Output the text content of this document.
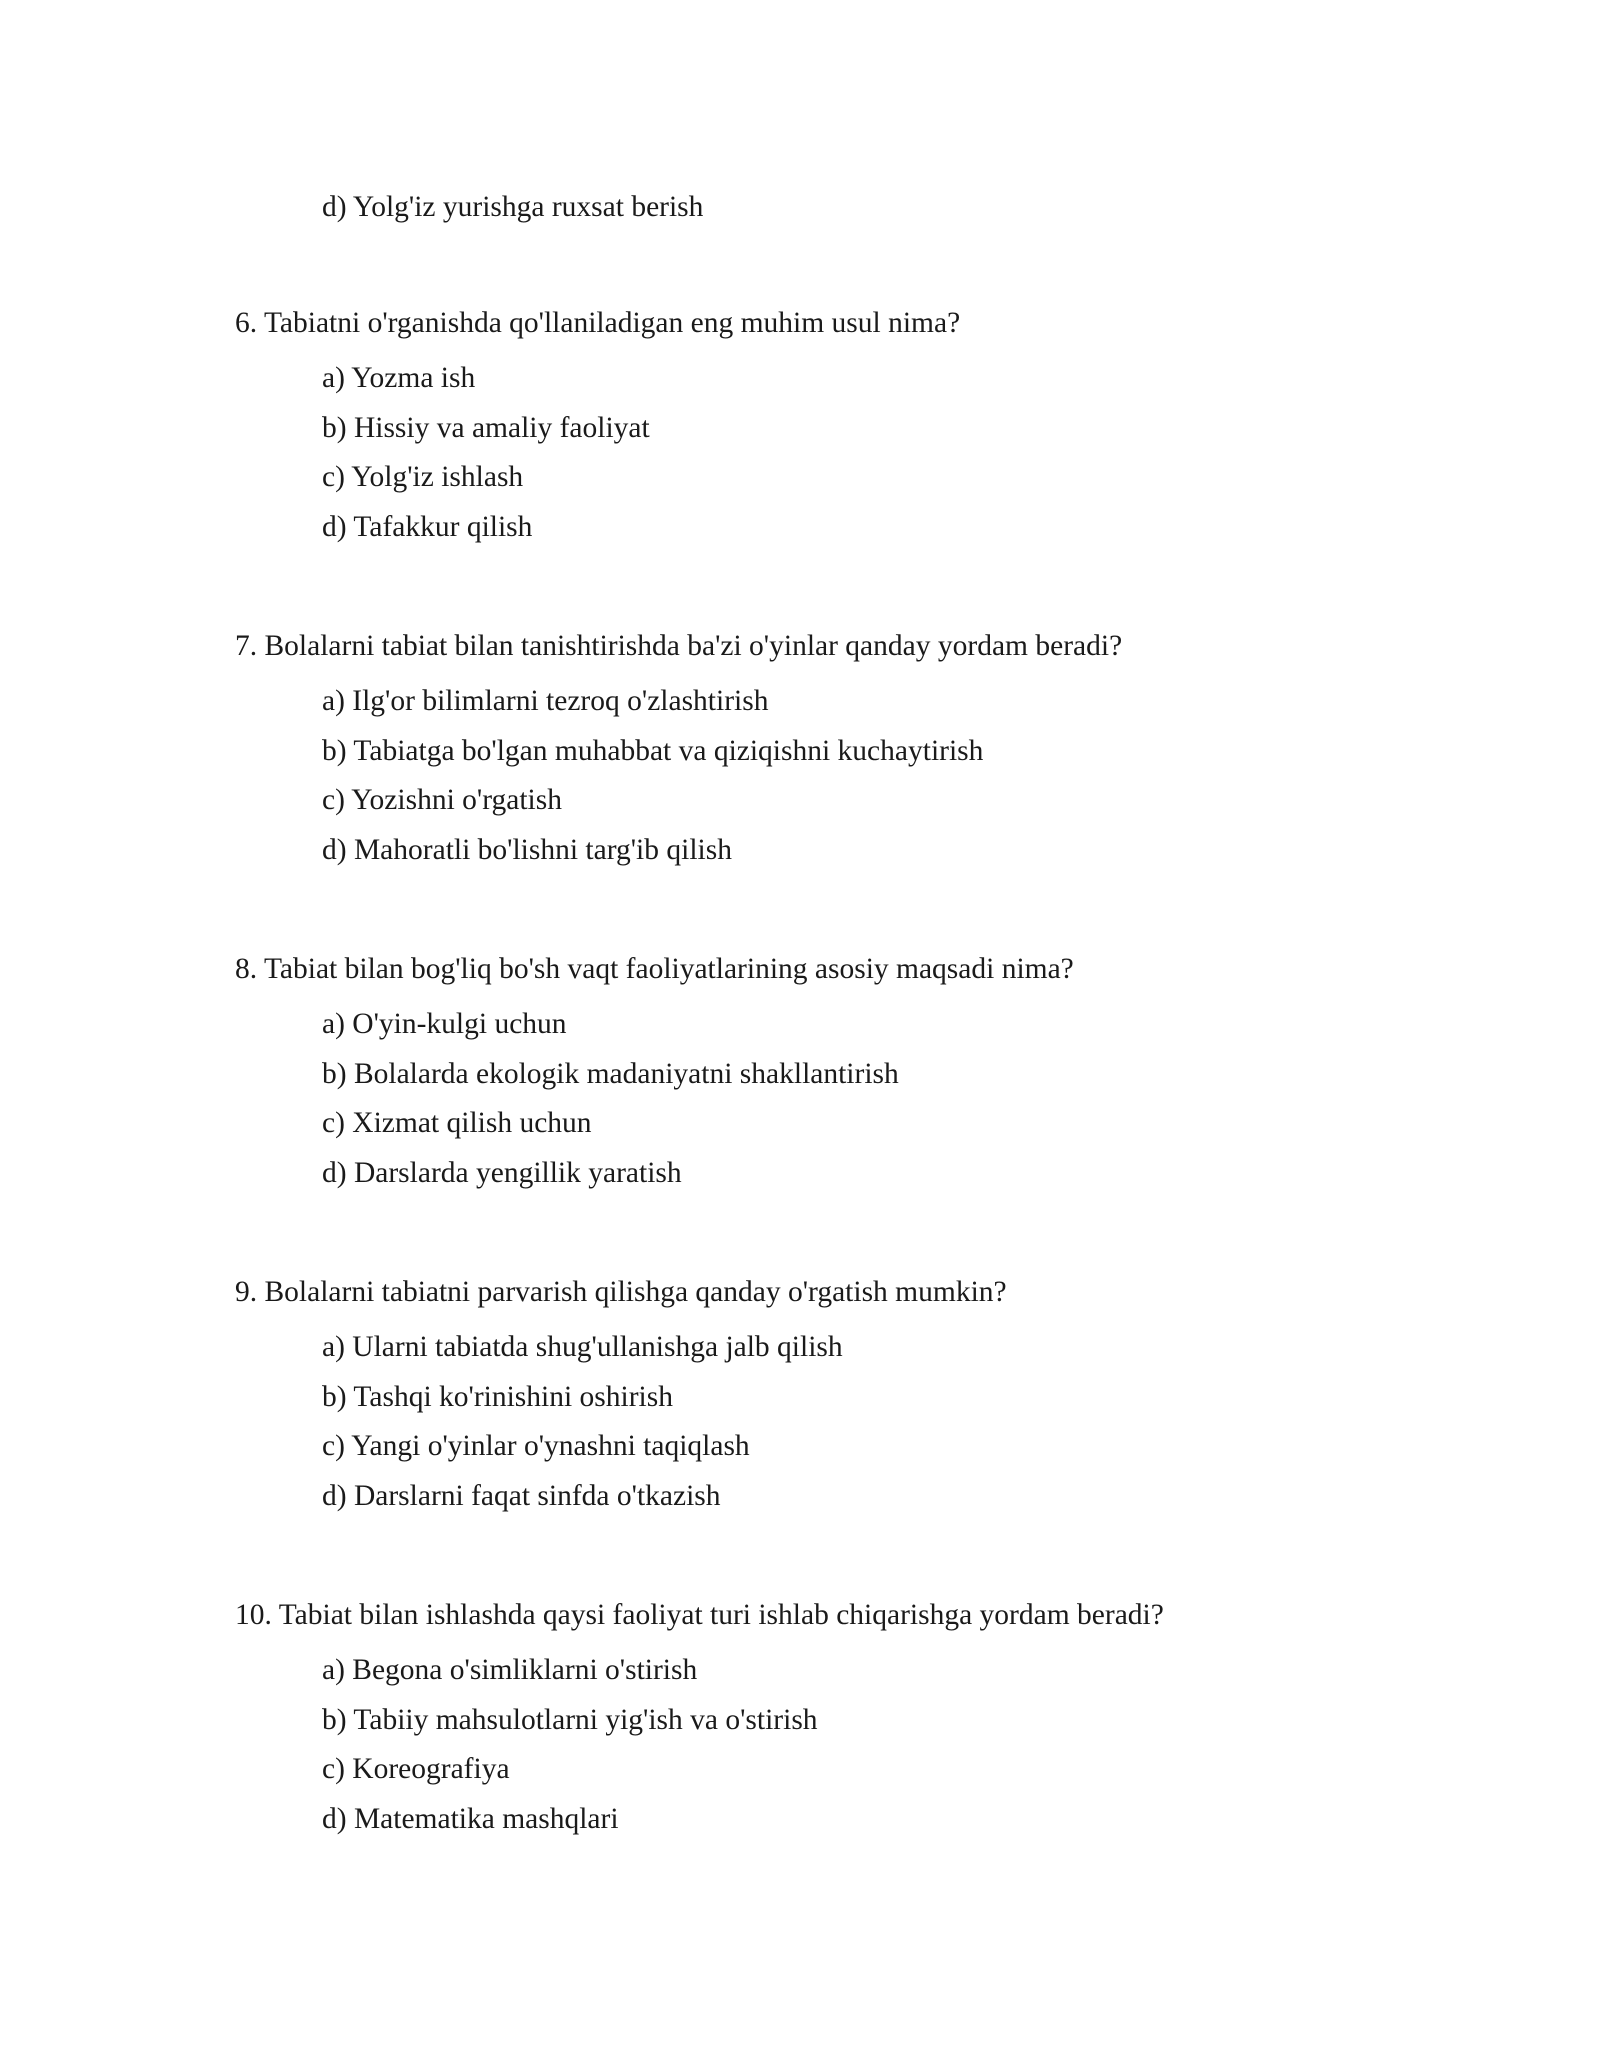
d) Yolg'iz yurishga ruxsat berish

6. Tabiatni o'rganishda qo'llaniladigan eng muhim usul nima?

a) Yozma ish
b) Hissiy va amaliy faoliyat
c) Yolg'iz ishlash
d) Tafakkur qilish

7. Bolalarni tabiat bilan tanishtirishda ba'zi o'yinlar qanday yordam beradi?

a) Ilg'or bilimlarni tezroq o'zlashtirish
b) Tabiatga bo'lgan muhabbat va qiziqishni kuchaytirish
c) Yozishni o'rgatish
d) Mahoratli bo'lishni targ'ib qilish

8. Tabiat bilan bog'liq bo'sh vaqt faoliyatlarining asosiy maqsadi nima?

a) O'yin-kulgi uchun
b) Bolalarda ekologik madaniyatni shakllantirish
c) Xizmat qilish uchun
d) Darslarda yengillik yaratish

9. Bolalarni tabiatni parvarish qilishga qanday o'rgatish mumkin?

a) Ularni tabiatda shug'ullanishga jalb qilish
b) Tashqi ko'rinishini oshirish
c) Yangi o'yinlar o'ynashni taqiqlash
d) Darslarni faqat sinfda o'tkazish

10. Tabiat bilan ishlashda qaysi faoliyat turi ishlab chiqarishga yordam beradi?

a) Begona o'simliklarni o'stirish
b) Tabiiy mahsulotlarni yig'ish va o'stirish
c) Koreografiya
d) Matematika mashqlari
